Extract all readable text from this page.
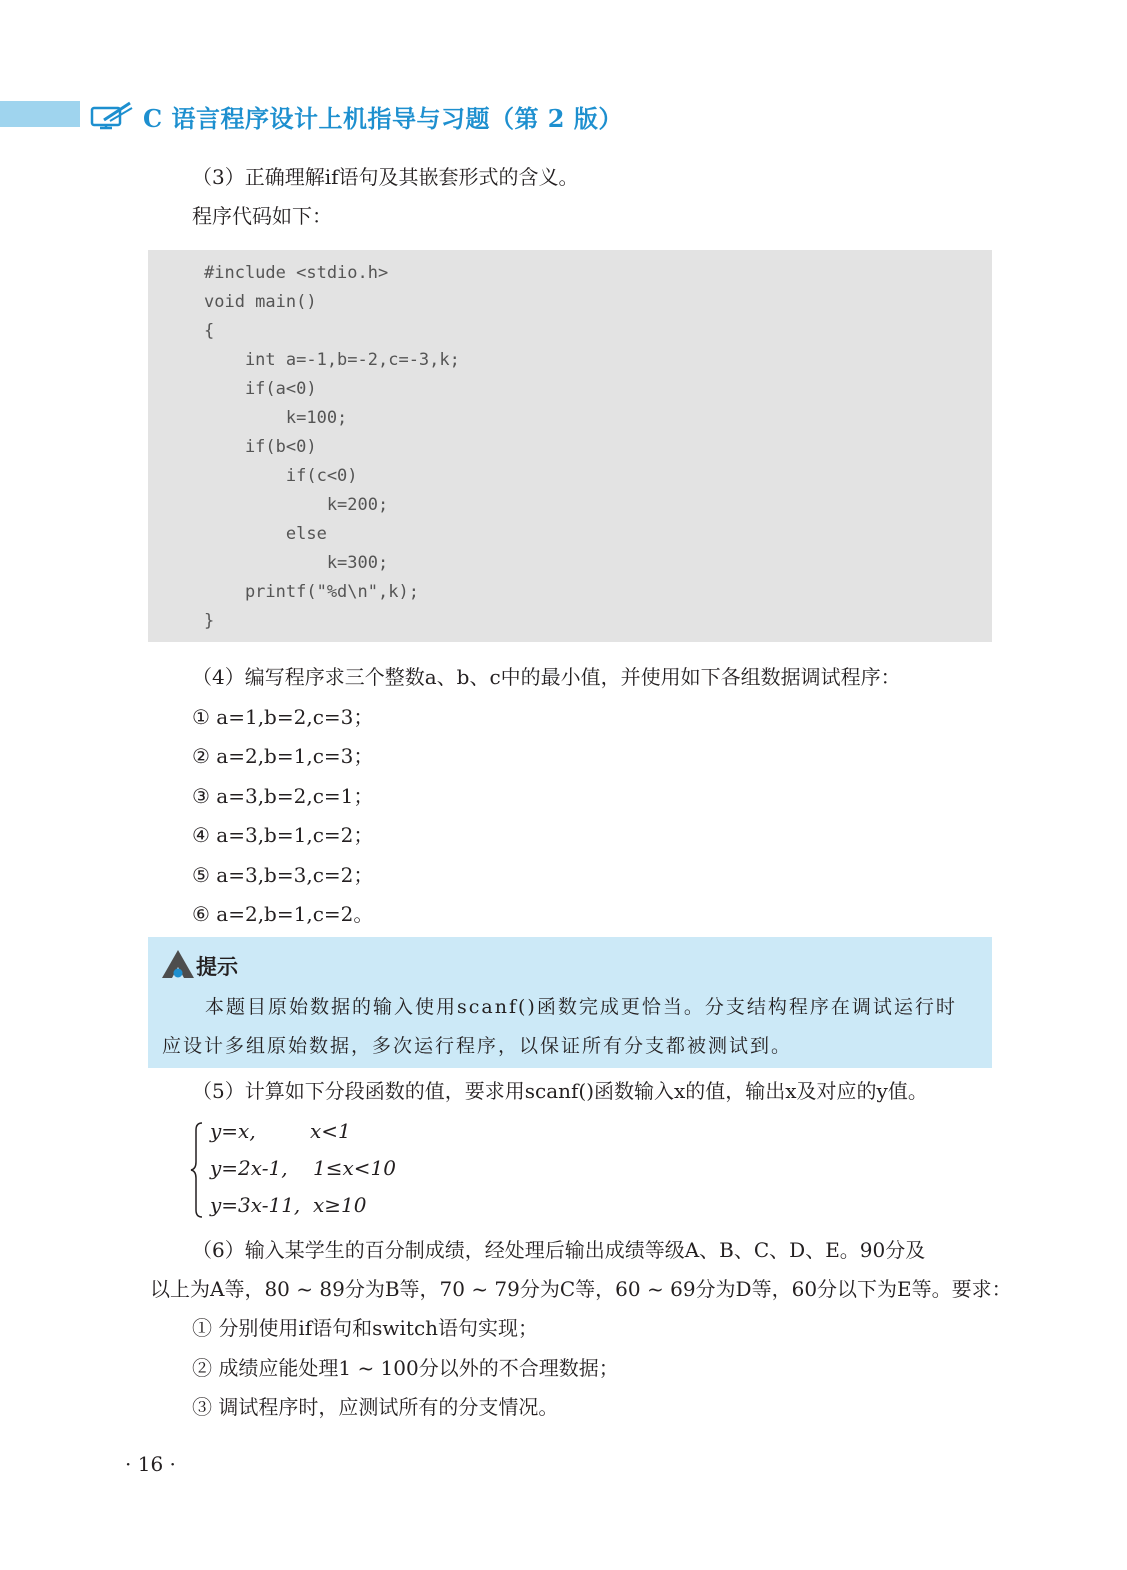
C 语言程序设计上机指导与习题（第 2 版）
（3）正确理解if语句及其嵌套形式的含义。
程序代码如下：
#include <stdio.h>
void main()
{
int a=-1,b=-2,c=-3,k;
if(a<0)
k=100;
if(b<0)
if(c<0)
k=200;
else
k=300;
printf("%d\n",k);
}
（4）编写程序求三个整数a、b、c中的最小值，并使用如下各组数据调试程序：
① a=1,b=2,c=3；
② a=2,b=1,c=3；
③ a=3,b=2,c=1；
④ a=3,b=1,c=2；
⑤ a=3,b=3,c=2；
⑥ a=2,b=1,c=2。
提示
本题目原始数据的输入使用scanf()函数完成更恰当。分支结构程序在调试运行时
应设计多组原始数据，多次运行程序，以保证所有分支都被测试到。
（5）计算如下分段函数的值，要求用scanf()函数输入x的值，输出x及对应的y值。
y=x,	x<1
y=2x-1, 1≤x<10
y=3x-11, x≥10
（6）输入某学生的百分制成绩，经处理后输出成绩等级A、B、C、D、E。90分及
以上为A等，80 ~ 89分为B等，70 ~ 79分为C等，60 ~ 69分为D等，60分以下为E等。要求：
① 分别使用if语句和switch语句实现；
② 成绩应能处理1 ~ 100分以外的不合理数据；
③ 调试程序时，应测试所有的分支情况。
· 16 ·
